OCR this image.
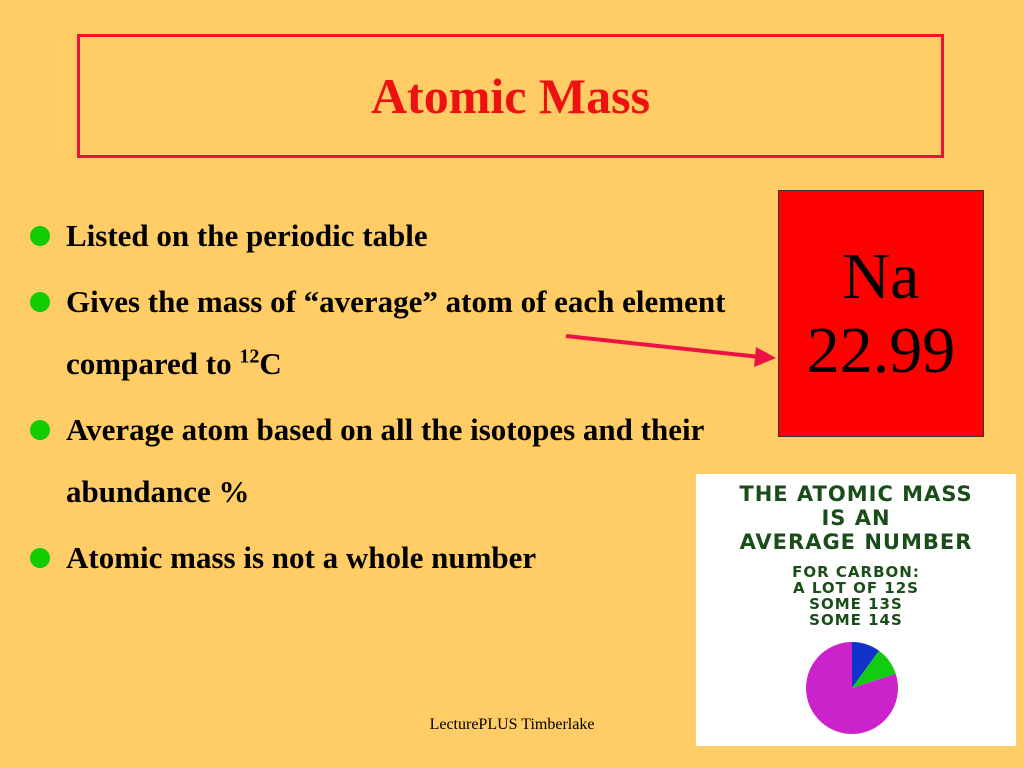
Atomic Mass
Listed on the periodic table
Gives the mass of “average” atom of each element compared to $^{12}$C
Average atom based on all the isotopes and their abundance %
Atomic mass is not a whole number
Na
22.99
THE ATOMIC MASS
IS AN
AVERAGE NUMBER
FOR CARBON:
A LOT OF 12S
SOME 13S
SOME 14S
LecturePLUS Timberlake
